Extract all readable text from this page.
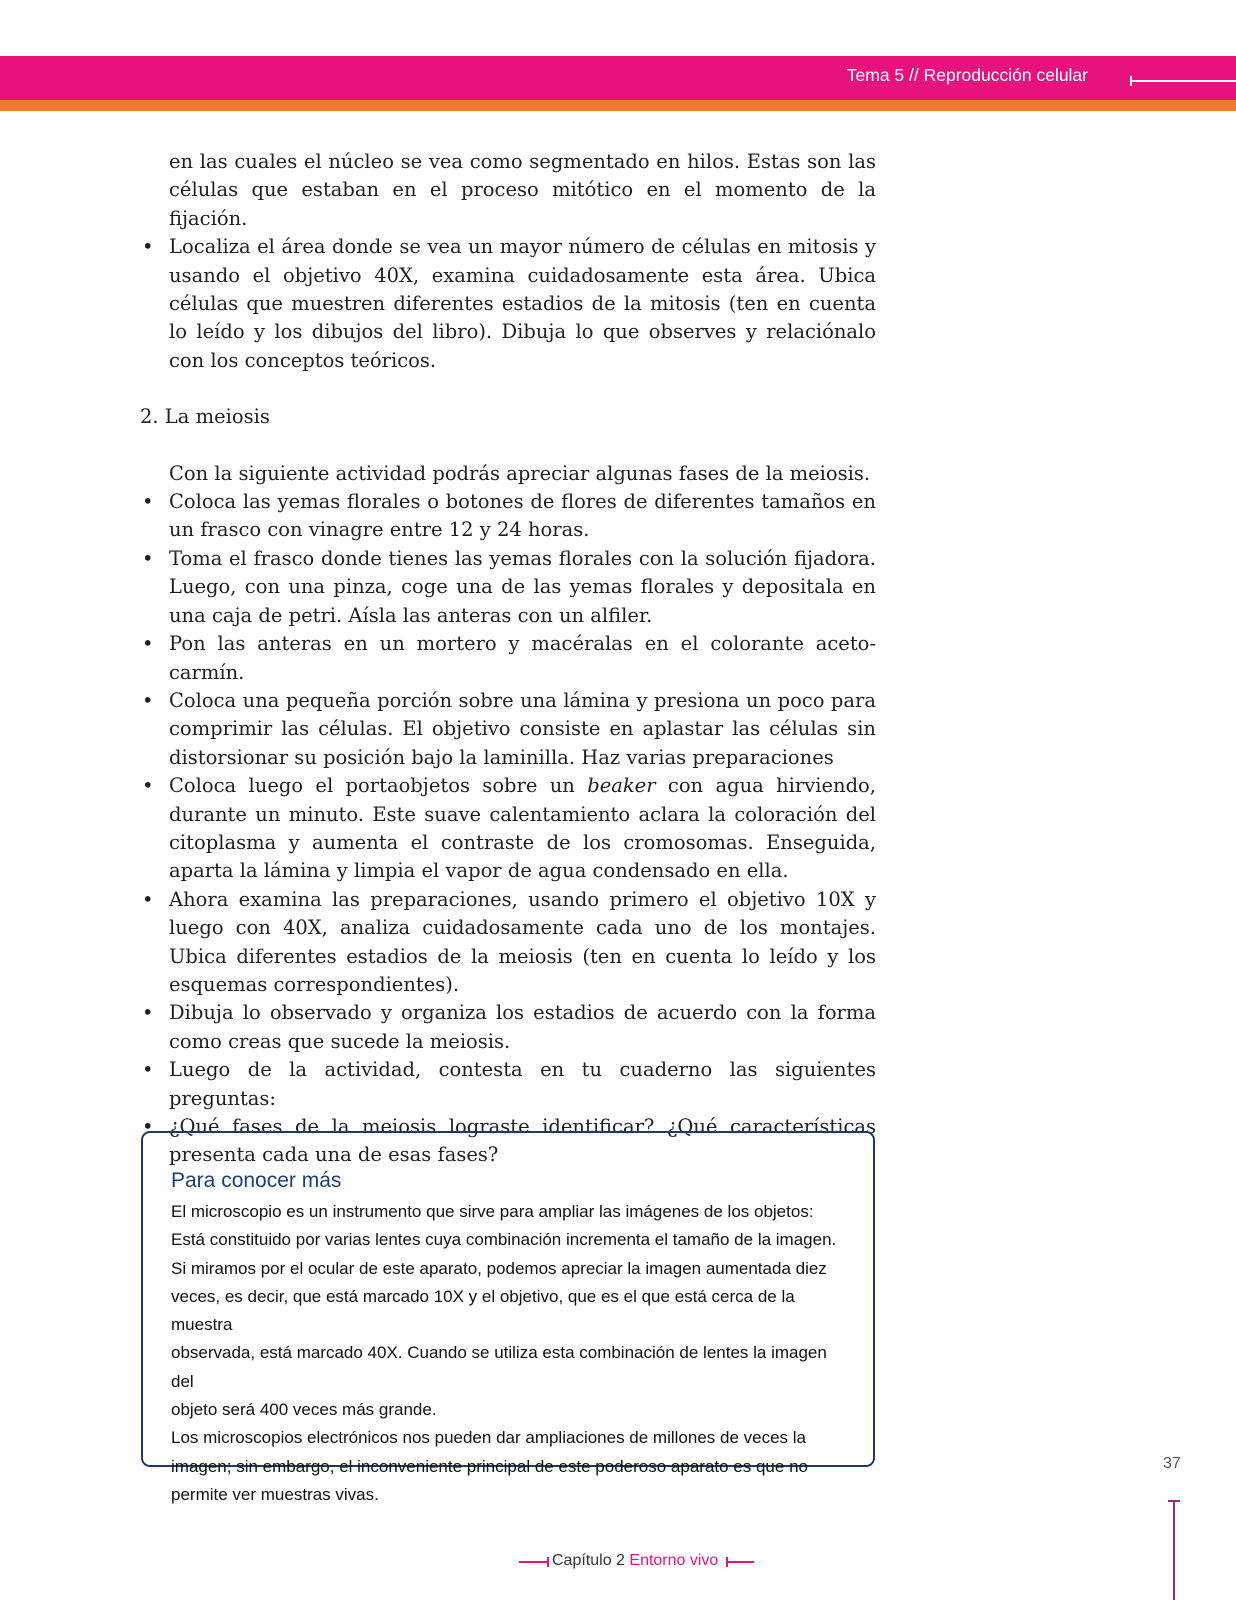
Tema 5 // Reproducción celular
en las cuales el núcleo se vea como segmentado en hilos. Estas son las células que estaban en el proceso mitótico en el momento de la fijación.
• Localiza el área donde se vea un mayor número de células en mitosis y usando el objetivo 40X, examina cuidadosamente esta área. Ubica células que muestren diferentes estadios de la mitosis (ten en cuenta lo leído y los dibujos del libro). Dibuja lo que observes y relaciónalo con los conceptos teóricos.
2. La meiosis
Con la siguiente actividad podrás apreciar algunas fases de la meiosis.
• Coloca las yemas florales o botones de flores de diferentes tamaños en un frasco con vinagre entre 12 y 24 horas.
• Toma el frasco donde tienes las yemas florales con la solución fijadora. Luego, con una pinza, coge una de las yemas florales y depositala en una caja de petri. Aísla las anteras con un alfiler.
• Pon las anteras en un mortero y macéralas en el colorante aceto-carmín.
• Coloca una pequeña porción sobre una lámina y presiona un poco para comprimir las células. El objetivo consiste en aplastar las células sin distorsionar su posición bajo la laminilla. Haz varias preparaciones
• Coloca luego el portaobjetos sobre un beaker con agua hirviendo, durante un minuto. Este suave calentamiento aclara la coloración del citoplasma y aumenta el contraste de los cromosomas. Enseguida, aparta la lámina y limpia el vapor de agua condensado en ella.
• Ahora examina las preparaciones, usando primero el objetivo 10X y luego con 40X, analiza cuidadosamente cada uno de los montajes. Ubica diferentes estadios de la meiosis (ten en cuenta lo leído y los esquemas correspondientes).
• Dibuja lo observado y organiza los estadios de acuerdo con la forma como creas que sucede la meiosis.
• Luego de la actividad, contesta en tu cuaderno las siguientes preguntas:
• ¿Qué fases de la meiosis lograste identificar? ¿Qué características presenta cada una de esas fases?
Para conocer más
El microscopio es un instrumento que sirve para ampliar las imágenes de los objetos:
Está constituido por varias lentes cuya combinación incrementa el tamaño de la imagen.
Si miramos por el ocular de este aparato, podemos apreciar la imagen aumentada diez
veces, es decir, que está marcado 10X y el objetivo, que es el que está cerca de la muestra
observada, está marcado 40X. Cuando se utiliza esta combinación de lentes la imagen del
objeto será 400 veces más grande.
Los microscopios electrónicos nos pueden dar ampliaciones de millones de veces la
imagen; sin embargo, el inconveniente principal de este poderoso aparato es que no
permite ver muestras vivas.
37
Capítulo 2 Entorno vivo
